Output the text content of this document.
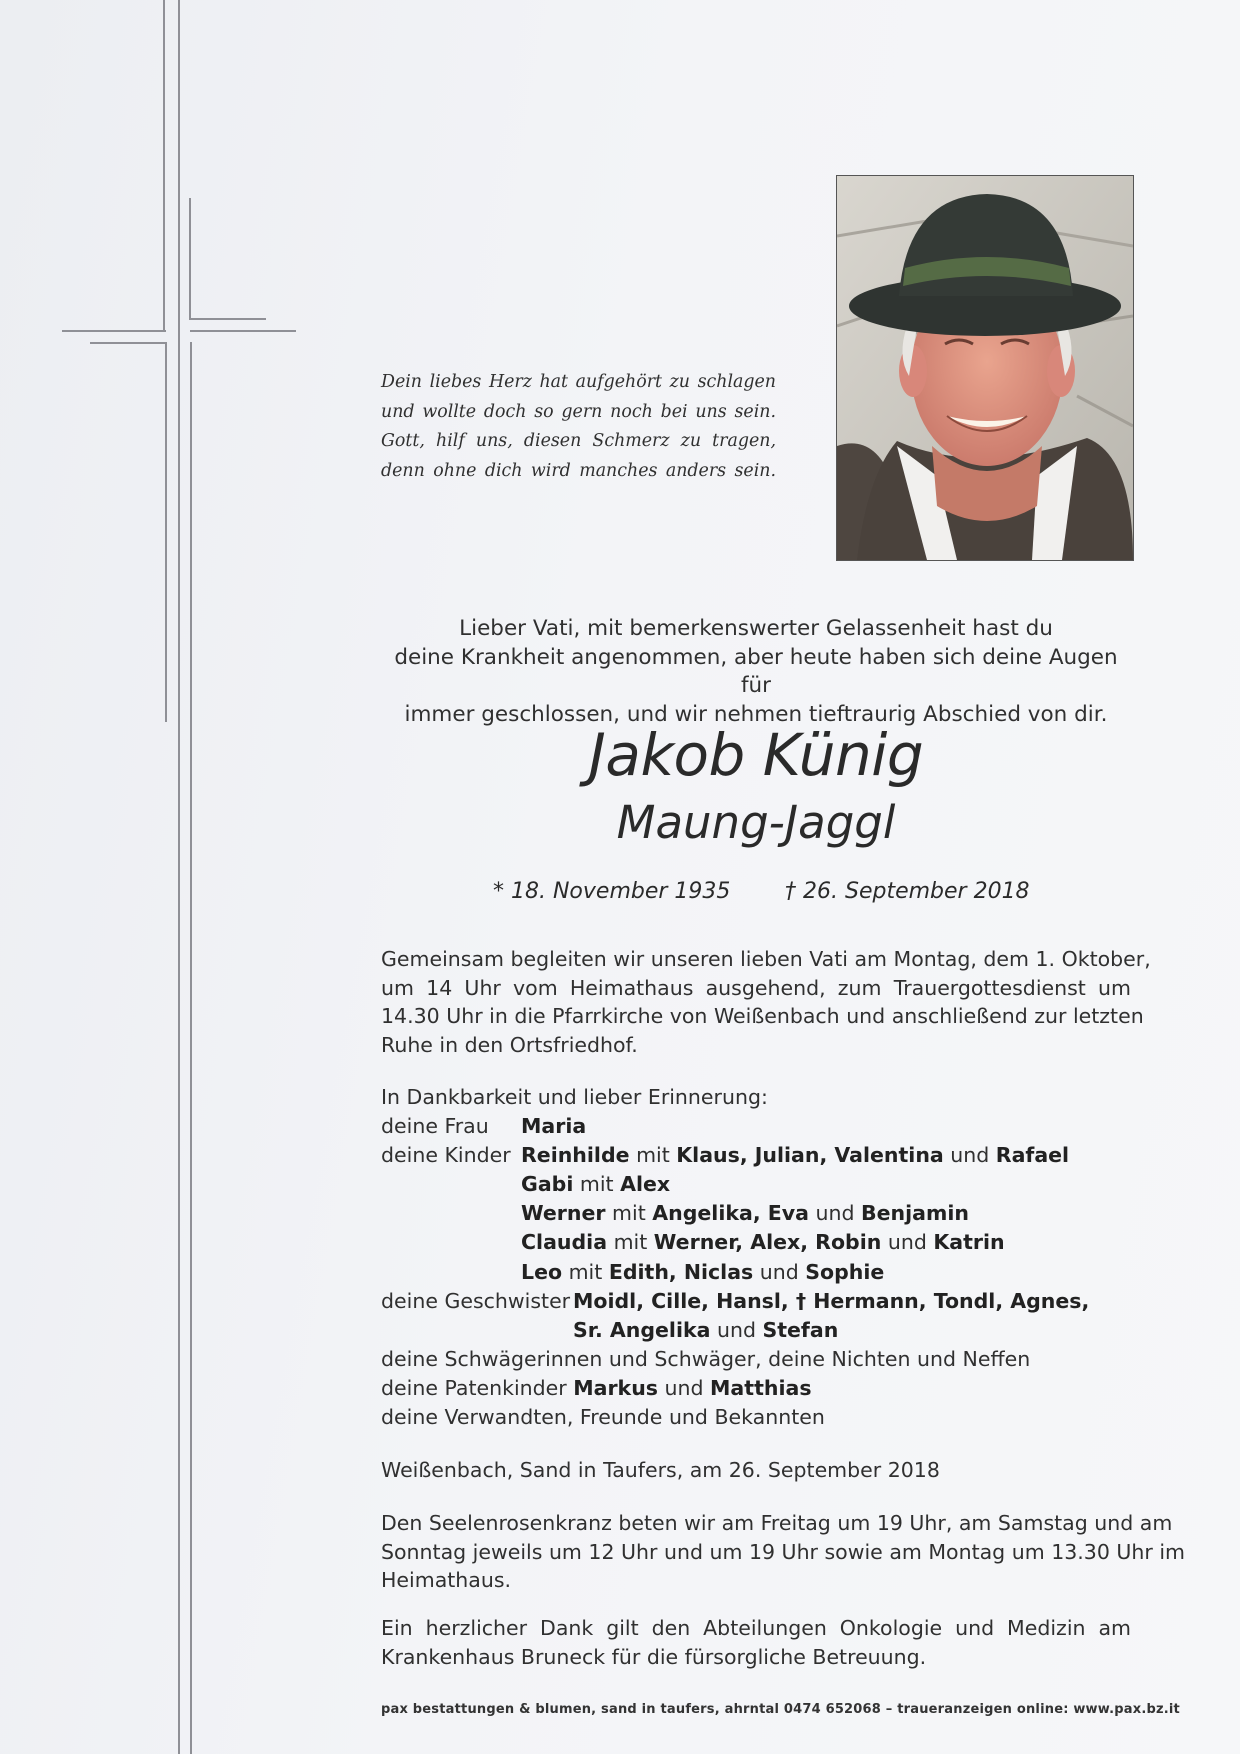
Dein liebes Herz hat aufgehört zu schlagen
und wollte doch so gern noch bei uns sein.
Gott, hilf uns, diesen Schmerz zu tragen,
denn ohne dich wird manches anders sein.
Lieber Vati, mit bemerkenswerter Gelassenheit hast du
deine Krankheit angenommen, aber heute haben sich deine Augen für
immer geschlossen, und wir nehmen tieftraurig Abschied von dir.
Jakob Künig
Maung-Jaggl
* 18. November 1935 † 26. September 2018
Gemeinsam begleiten wir unseren lieben Vati am Montag, dem 1. Oktober,
um 14 Uhr vom Heimathaus ausgehend, zum Trauergottesdienst um
14.30 Uhr in die Pfarrkirche von Weißenbach und anschließend zur letzten
Ruhe in den Ortsfriedhof.
In Dankbarkeit und lieber Erinnerung:
deine Frau Maria
deine Kinder Reinhilde mit Klaus, Julian, Valentina und Rafael
Gabi mit Alex
Werner mit Angelika, Eva und Benjamin
Claudia mit Werner, Alex, Robin und Katrin
Leo mit Edith, Niclas und Sophie
deine Geschwister Moidl, Cille, Hansl, † Hermann, Tondl, Agnes,
Sr. Angelika und Stefan
deine Schwägerinnen und Schwäger, deine Nichten und Neffen
deine Patenkinder Markus und Matthias
deine Verwandten, Freunde und Bekannten
Weißenbach, Sand in Taufers, am 26. September 2018
Den Seelenrosenkranz beten wir am Freitag um 19 Uhr, am Samstag und am
Sonntag jeweils um 12 Uhr und um 19 Uhr sowie am Montag um 13.30 Uhr im
Heimathaus.
Ein herzlicher Dank gilt den Abteilungen Onkologie und Medizin am
Krankenhaus Bruneck für die fürsorgliche Betreuung.
pax bestattungen & blumen, sand in taufers, ahrntal 0474 652068 – traueranzeigen online: www.pax.bz.it
